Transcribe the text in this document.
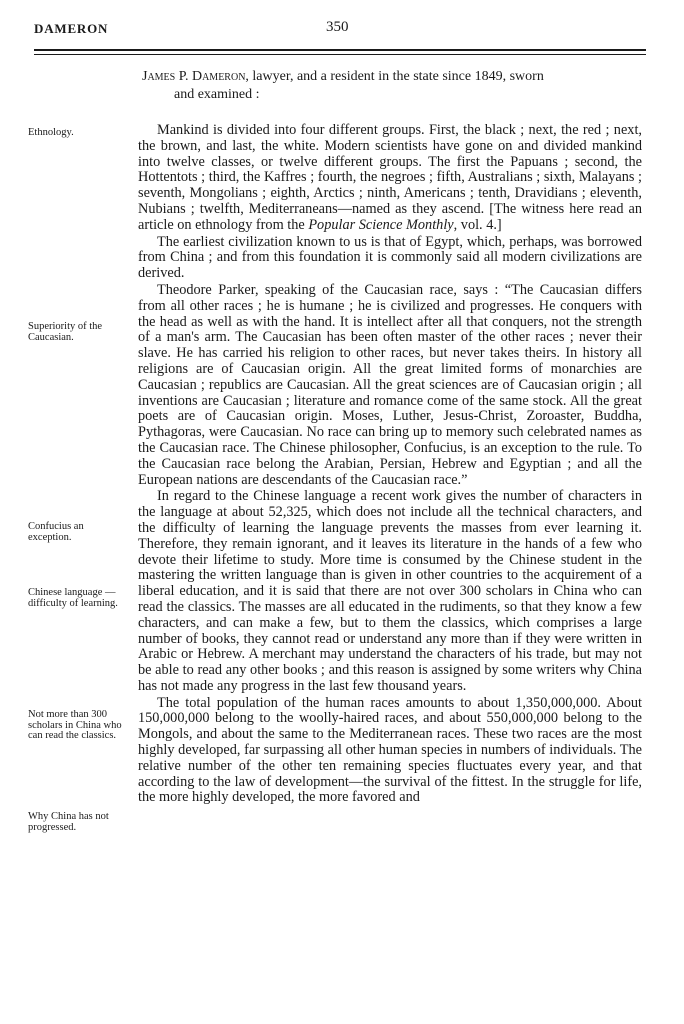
DAMERON	350
James P. Dameron, lawyer, and a resident in the state since 1849, sworn
and examined :
Ethnology.
Superiority of the Caucasian.
Confucius an exception.
Chinese language —difficulty of learning.
Not more than 300 scholars in China who can read the classics.
Why China has not progressed.

Mankind is divided into four different groups. First, the black ; next, the red ; next, the brown, and last, the white. Modern scientists have gone on and divided mankind into twelve classes, or twelve different groups. The first the Papuans ; second, the Hottentots ; third, the Kaffres ; fourth, the negroes ; fifth, Australians ; sixth, Malayans ; seventh, Mongolians ; eighth, Arctics ; ninth, Americans ; tenth, Dravidians ; eleventh, Nubians ; twelfth, Mediterraneans—named as they ascend. [The witness here read an article on ethnology from the Popular Science Monthly, vol. 4.]

The earliest civilization known to us is that of Egypt, which, perhaps, was borrowed from China ; and from this foundation it is commonly said all modern civilizations are derived.

Theodore Parker, speaking of the Caucasian race, says : “The Caucasian differs from all other races ; he is humane ; he is civilized and progresses. He conquers with the head as well as with the hand. It is intellect after all that conquers, not the strength of a man's arm. The Caucasian has been often master of the other races ; never their slave. He has carried his religion to other races, but never takes theirs. In history all religions are of Caucasian origin. All the great limited forms of monarchies are Caucasian ; republics are Caucasian. All the great sciences are of Caucasian origin ; all inventions are Caucasian ; literature and romance come of the same stock. All the great poets are of Caucasian origin. Moses, Luther, Jesus-Christ, Zoroaster, Buddha, Pythagoras, were Caucasian. No race can bring up to memory such celebrated names as the Caucasian race. The Chinese philosopher, Confucius, is an exception to the rule. To the Caucasian race belong the Arabian, Persian, Hebrew and Egyptian ; and all the European nations are descendants of the Caucasian race.”

In regard to the Chinese language a recent work gives the number of characters in the language at about 52,325, which does not include all the technical characters, and the difficulty of learning the language prevents the masses from ever learning it. Therefore, they remain ignorant, and it leaves its literature in the hands of a few who devote their lifetime to study. More time is consumed by the Chinese student in the mastering the written language than is given in other countries to the acquirement of a liberal education, and it is said that there are not over 300 scholars in China who can read the classics. The masses are all educated in the rudiments, so that they know a few characters, and can make a few, but to them the classics, which comprises a large number of books, they cannot read or understand any more than if they were written in Arabic or Hebrew. A merchant may understand the characters of his trade, but may not be able to read any other books ; and this reason is assigned by some writers why China has not made any progress in the last few thousand years.

The total population of the human races amounts to about 1,350,000,000. About 150,000,000 belong to the woolly-haired races, and about 550,000,000 belong to the Mongols, and about the same to the Mediterranean races. These two races are the most highly developed, far surpassing all other human species in numbers of individuals. The relative number of the other ten remaining species fluctuates every year, and that according to the law of development—the survival of the fittest. In the struggle for life, the more highly developed, the more favored and
